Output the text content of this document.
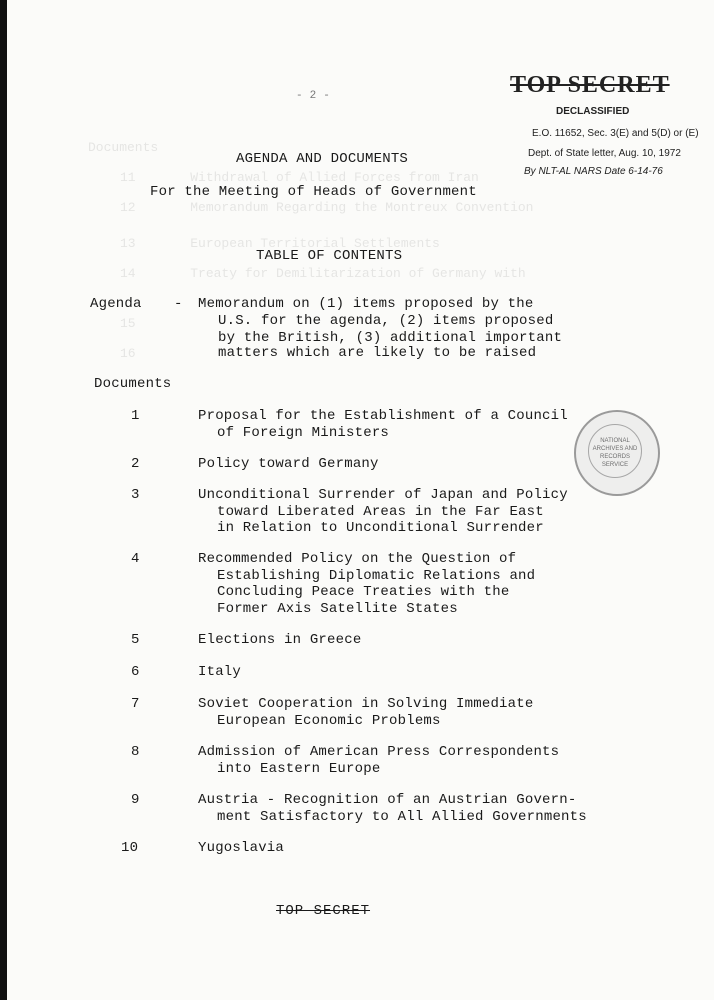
Documents
11       Withdrawal of Allied Forces from Iran
12       Memorandum Regarding the Montreux Convention
13       European Territorial Settlements
14       Treaty for Demilitarization of Germany with
15
16
TOP SECRET
DECLASSIFIED
E.O. 11652, Sec. 3(E) and 5(D) or (E)
Dept. of State letter, Aug. 10, 1972
By NLT-AL NARS Date 6-14-76
- 2 -
AGENDA AND DOCUMENTS
For the Meeting of Heads of Government
TABLE OF CONTENTS
Agenda - Memorandum on (1) items proposed by the
U.S. for the agenda, (2) items proposed
by the British, (3) additional important
matters which are likely to be raised
Documents
1	Proposal for the Establishment of a Council
of Foreign Ministers
2	Policy toward Germany
3	Unconditional Surrender of Japan and Policy
toward Liberated Areas in the Far East
in Relation to Unconditional Surrender
4	Recommended Policy on the Question of
Establishing Diplomatic Relations and
Concluding Peace Treaties with the
Former Axis Satellite States
5	Elections in Greece
6	Italy
7	Soviet Cooperation in Solving Immediate
European Economic Problems
8	Admission of American Press Correspondents
into Eastern Europe
9	Austria - Recognition of an Austrian Govern-
ment Satisfactory to All Allied Governments
10	Yugoslavia
NATIONAL ARCHIVES AND RECORDS SERVICE
TOP SECRET
